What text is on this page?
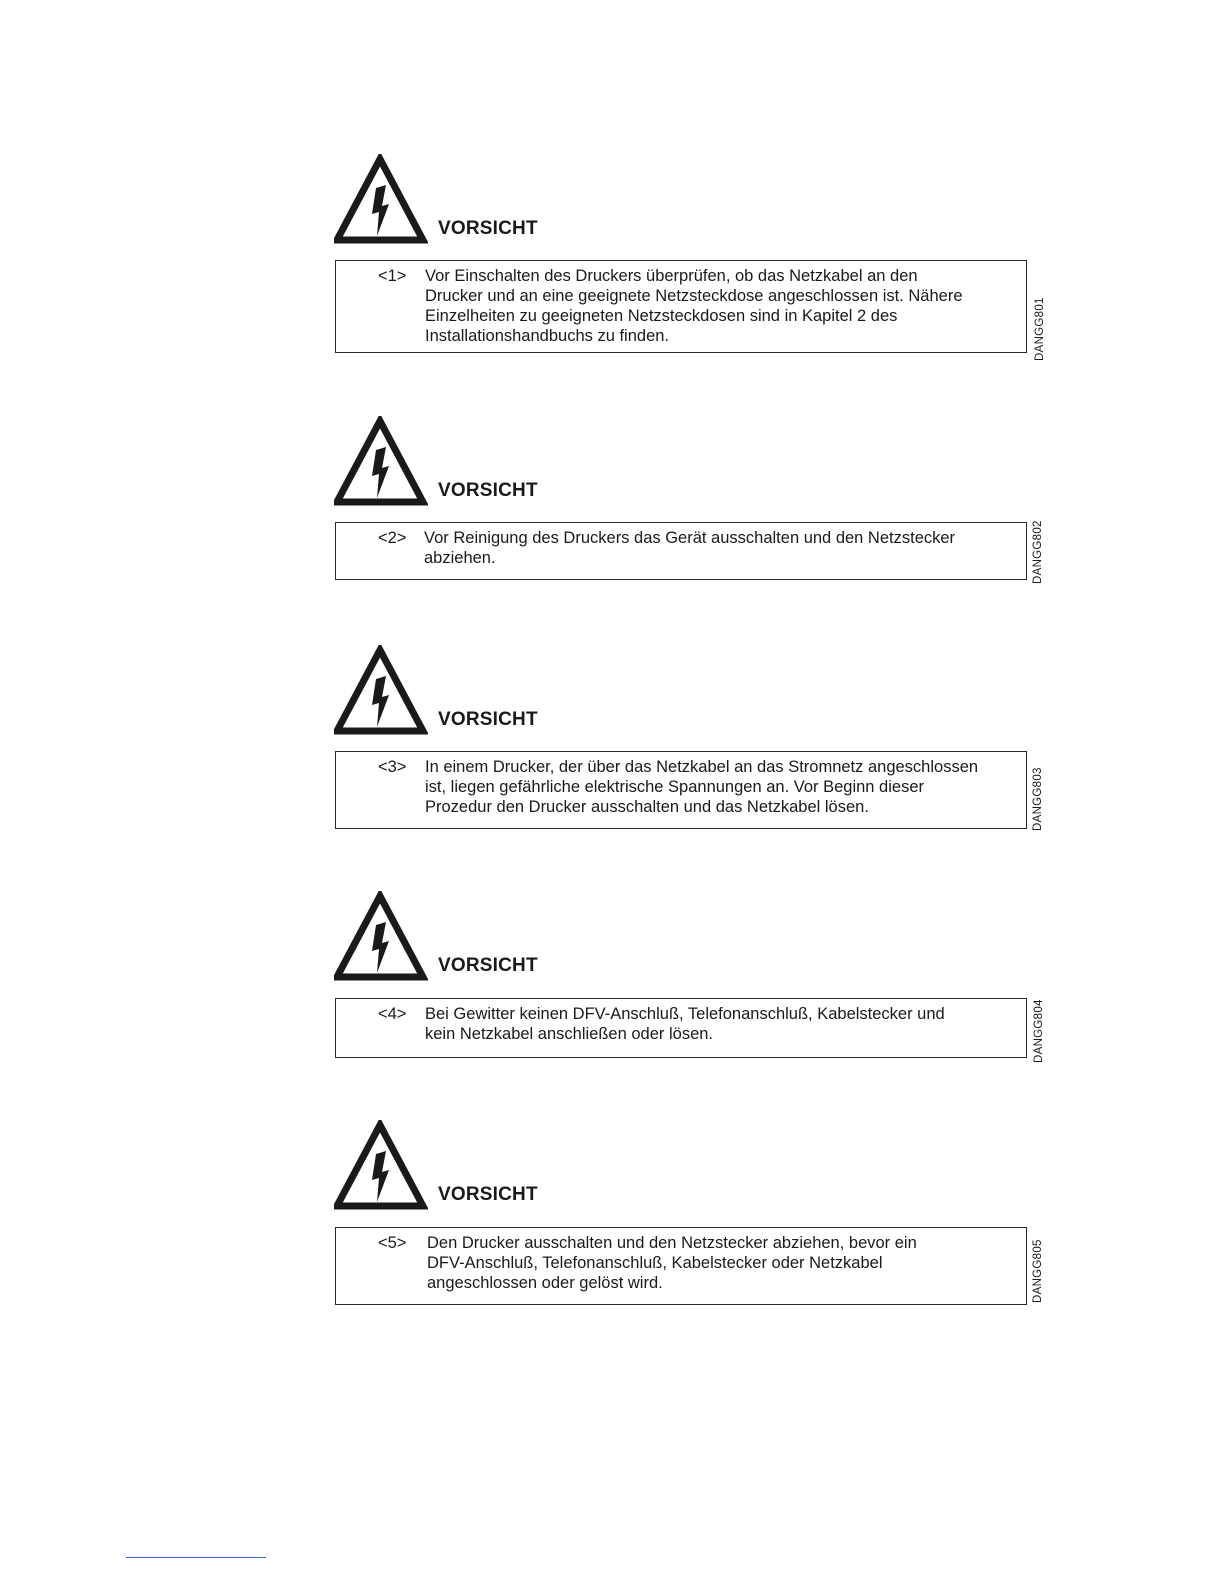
VORSICHT
<1> Vor Einschalten des Druckers überprüfen, ob das Netzkabel an den
Drucker und an eine geeignete Netzsteckdose angeschlossen ist. Nähere
Einzelheiten zu geeigneten Netzsteckdosen sind in Kapitel 2 des
Installationshandbuchs zu finden.	DANGG801
VORSICHT
<2> Vor Reinigung des Druckers das Gerät ausschalten und den Netzstecker
abziehen.	DANGG802
VORSICHT
<3> In einem Drucker, der über das Netzkabel an das Stromnetz angeschlossen
ist, liegen gefährliche elektrische Spannungen an. Vor Beginn dieser
Prozedur den Drucker ausschalten und das Netzkabel lösen.	DANGG803
VORSICHT
<4> Bei Gewitter keinen DFV-Anschluß, Telefonanschluß, Kabelstecker und
kein Netzkabel anschließen oder lösen.	DANGG804
VORSICHT
<5> Den Drucker ausschalten und den Netzstecker abziehen, bevor ein
DFV-Anschluß, Telefonanschluß, Kabelstecker oder Netzkabel
angeschlossen oder gelöst wird.	DANGG805
